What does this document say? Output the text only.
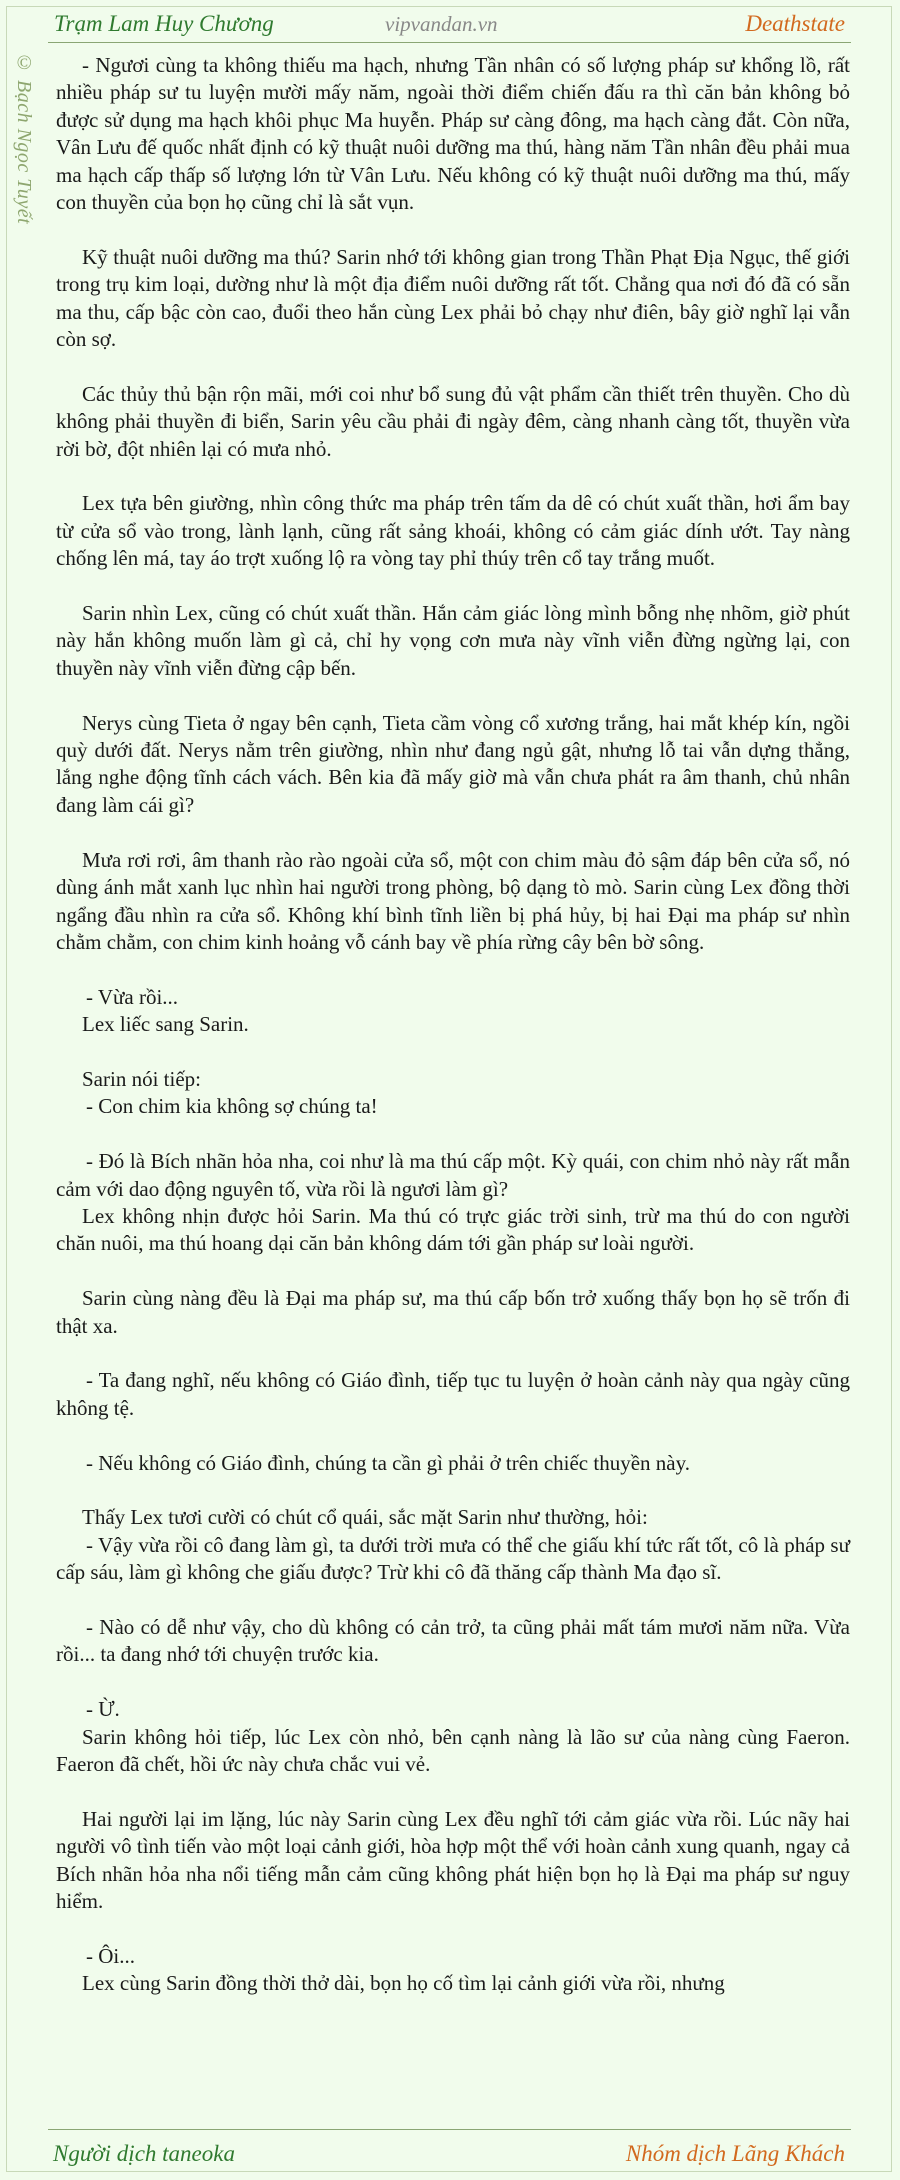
Trạm Lam Huy Chương	vipvandan.vn	Deathstate
© Bạch Ngọc Tuyết	- Ngươi cùng ta không thiếu ma hạch, nhưng Tần nhân có số lượng pháp sư khổng lồ, rất nhiều pháp sư tu luyện mười mấy năm, ngoài thời điểm chiến đấu ra thì căn bản không bỏ được sử dụng ma hạch khôi phục Ma huyễn. Pháp sư càng đông, ma hạch càng đắt. Còn nữa, Vân Lưu đế quốc nhất định có kỹ thuật nuôi dưỡng ma thú, hàng năm Tần nhân đều phải mua ma hạch cấp thấp số lượng lớn từ Vân Lưu. Nếu không có kỹ thuật nuôi dưỡng ma thú, mấy con thuyền của bọn họ cũng chỉ là sắt vụn.

Kỹ thuật nuôi dưỡng ma thú? Sarin nhớ tới không gian trong Thần Phạt Địa Ngục, thế giới trong trụ kim loại, dường như là một địa điểm nuôi dưỡng rất tốt. Chẳng qua nơi đó đã có sẵn ma thu, cấp bậc còn cao, đuổi theo hắn cùng Lex phải bỏ chạy như điên, bây giờ nghĩ lại vẫn còn sợ.

Các thủy thủ bận rộn mãi, mới coi như bổ sung đủ vật phẩm cần thiết trên thuyền. Cho dù không phải thuyền đi biển, Sarin yêu cầu phải đi ngày đêm, càng nhanh càng tốt, thuyền vừa rời bờ, đột nhiên lại có mưa nhỏ.

Lex tựa bên giường, nhìn công thức ma pháp trên tấm da dê có chút xuất thần, hơi ẩm bay từ cửa sổ vào trong, lành lạnh, cũng rất sảng khoái, không có cảm giác dính ướt. Tay nàng chống lên má, tay áo trợt xuống lộ ra vòng tay phỉ thúy trên cổ tay trắng muốt.

Sarin nhìn Lex, cũng có chút xuất thần. Hắn cảm giác lòng mình bỗng nhẹ nhõm, giờ phút này hắn không muốn làm gì cả, chỉ hy vọng cơn mưa này vĩnh viễn đừng ngừng lại, con thuyền này vĩnh viễn đừng cập bến.

Nerys cùng Tieta ở ngay bên cạnh, Tieta cầm vòng cổ xương trắng, hai mắt khép kín, ngồi quỳ dưới đất. Nerys nằm trên giường, nhìn như đang ngủ gật, nhưng lỗ tai vẫn dựng thẳng, lắng nghe động tĩnh cách vách. Bên kia đã mấy giờ mà vẫn chưa phát ra âm thanh, chủ nhân đang làm cái gì?

Mưa rơi rơi, âm thanh rào rào ngoài cửa sổ, một con chim màu đỏ sậm đáp bên cửa sổ, nó dùng ánh mắt xanh lục nhìn hai người trong phòng, bộ dạng tò mò. Sarin cùng Lex đồng thời ngẩng đầu nhìn ra cửa sổ. Không khí bình tĩnh liền bị phá hủy, bị hai Đại ma pháp sư nhìn chằm chằm, con chim kinh hoảng vỗ cánh bay về phía rừng cây bên bờ sông.

- Vừa rồi...

Lex liếc sang Sarin.

Sarin nói tiếp:

- Con chim kia không sợ chúng ta!

- Đó là Bích nhãn hỏa nha, coi như là ma thú cấp một. Kỳ quái, con chim nhỏ này rất mẫn cảm với dao động nguyên tố, vừa rồi là ngươi làm gì?

Lex không nhịn được hỏi Sarin. Ma thú có trực giác trời sinh, trừ ma thú do con người chăn nuôi, ma thú hoang dại căn bản không dám tới gần pháp sư loài người.

Sarin cùng nàng đều là Đại ma pháp sư, ma thú cấp bốn trở xuống thấy bọn họ sẽ trốn đi thật xa.

- Ta đang nghĩ, nếu không có Giáo đình, tiếp tục tu luyện ở hoàn cảnh này qua ngày cũng không tệ.

- Nếu không có Giáo đình, chúng ta cần gì phải ở trên chiếc thuyền này.

Thấy Lex tươi cười có chút cổ quái, sắc mặt Sarin như thường, hỏi:

- Vậy vừa rồi cô đang làm gì, ta dưới trời mưa có thể che giấu khí tức rất tốt, cô là pháp sư cấp sáu, làm gì không che giấu được? Trừ khi cô đã thăng cấp thành Ma đạo sĩ.

- Nào có dễ như vậy, cho dù không có cản trở, ta cũng phải mất tám mươi năm nữa. Vừa rồi... ta đang nhớ tới chuyện trước kia.

- Ừ.

Sarin không hỏi tiếp, lúc Lex còn nhỏ, bên cạnh nàng là lão sư của nàng cùng Faeron. Faeron đã chết, hồi ức này chưa chắc vui vẻ.

Hai người lại im lặng, lúc này Sarin cùng Lex đều nghĩ tới cảm giác vừa rồi. Lúc nãy hai người vô tình tiến vào một loại cảnh giới, hòa hợp một thể với hoàn cảnh xung quanh, ngay cả Bích nhãn hỏa nha nổi tiếng mẫn cảm cũng không phát hiện bọn họ là Đại ma pháp sư nguy hiểm.

- Ôi...

Lex cùng Sarin đồng thời thở dài, bọn họ cố tìm lại cảnh giới vừa rồi, nhưng

Người dịch taneoka	Nhóm dịch Lãng Khách
